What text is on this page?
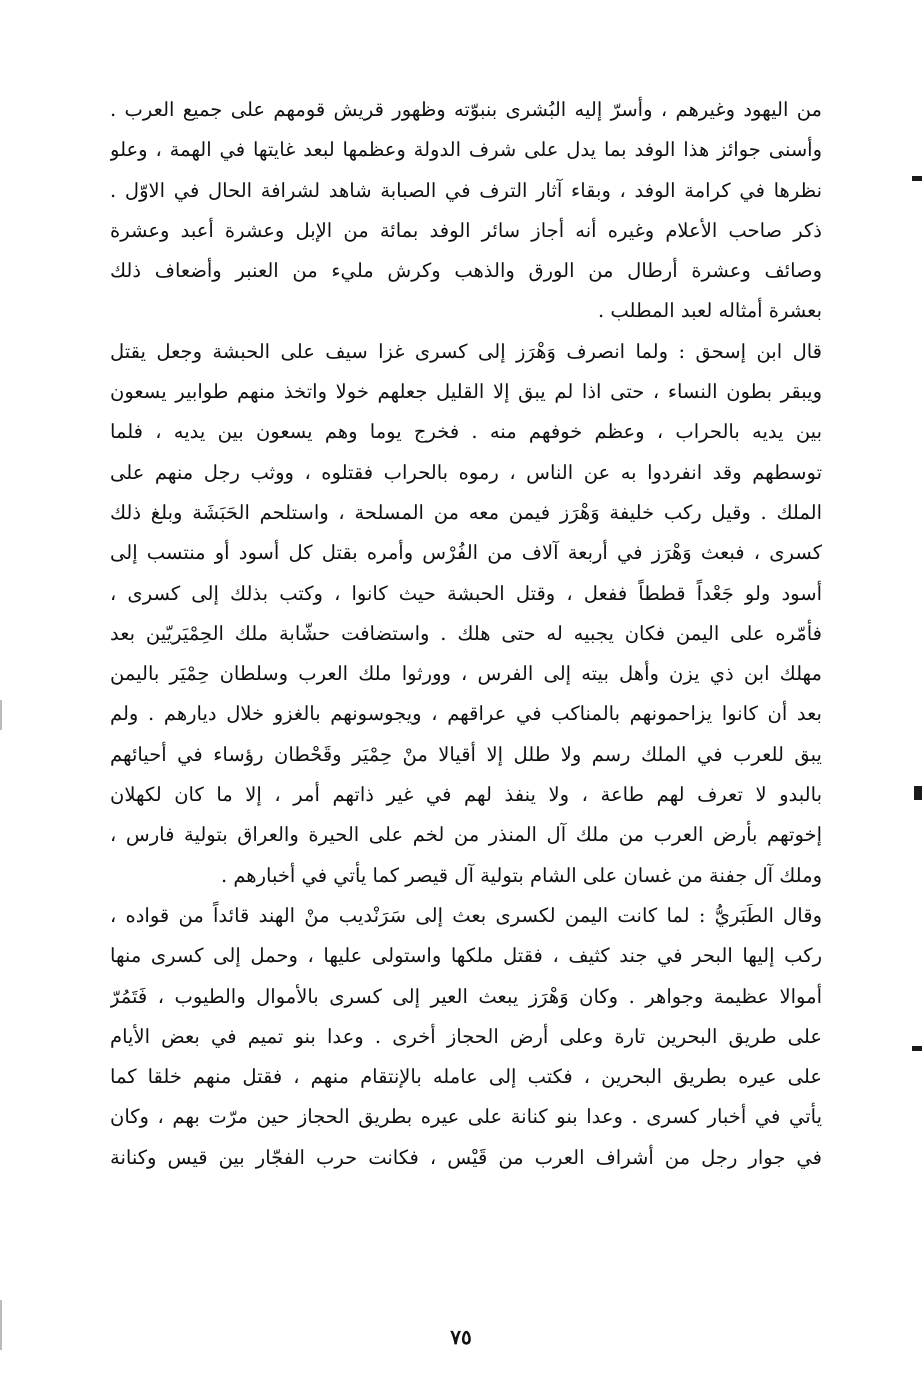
من اليهود وغيرهم ، وأسرّ إليه البُشرى بنبوّته وظهور قريش قومهم على جميع العرب .
وأسنى جوائز هذا الوفد بما يدل على شرف الدولة وعظمها لبعد غايتها في الهمة ، وعلو
نظرها في كرامة الوفد ، وبقاء آثار الترف في الصبابة شاهد لشرافة الحال في الاوّل .
ذكر صاحب الأعلام وغيره أنه أجاز سائر الوفد بمائة من الإبل وعشرة أعبد وعشرة
وصائف وعشرة أرطال من الورق والذهب وكرش مليء من العنبر وأضعاف ذلك
بعشرة أمثاله لعبد المطلب .
قال ابن إسحق : ولما انصرف وَهْرَز إلى كسرى غزا سيف على الحبشة وجعل يقتل
ويبقر بطون النساء ، حتى اذا لم يبق إلا القليل جعلهم خولا واتخذ منهم طوابير يسعون
بين يديه بالحراب ، وعظم خوفهم منه . فخرج يوما وهم يسعون بين يديه ، فلما
توسطهم وقد انفردوا به عن الناس ، رموه بالحراب فقتلوه ، ووثب رجل منهم على
الملك . وقيل ركب خليفة وَهْرَز فيمن معه من المسلحة ، واستلحم الحَبَشَة وبلغ ذلك
كسرى ، فبعث وَهْرَز في أربعة آلاف من الفُرْس وأمره بقتل كل أسود أو منتسب إلى
أسود ولو جَعْداً قططاً ففعل ، وقتل الحبشة حيث كانوا ، وكتب بذلك إلى كسرى ،
فأمّره على اليمن فكان يجبيه له حتى هلك . واستضافت حشّابة ملك الحِمْيَريّين بعد
مهلك ابن ذي يزن وأهل بيته إلى الفرس ، وورثوا ملك العرب وسلطان حِمْيَر باليمن
بعد أن كانوا يزاحمونهم بالمناكب في عراقهم ، ويجوسونهم بالغزو خلال ديارهم . ولم
يبق للعرب في الملك رسم ولا طلل إلا أقيالا منْ حِمْيَر وقَحْطان رؤساء في أحيائهم
بالبدو لا تعرف لهم طاعة ، ولا ينفذ لهم في غير ذاتهم أمر ، إلا ما كان لكهلان
إخوتهم بأرض العرب من ملك آل المنذر من لخم على الحيرة والعراق بتولية فارس ،
وملك آل جفنة من غسان على الشام بتولية آل قيصر كما يأتي في أخبارهم .
وقال الطَبَريُّ : لما كانت اليمن لكسرى بعث إلى سَرَنْديب منْ الهند قائداً من قواده ،
ركب إليها البحر في جند كثيف ، فقتل ملكها واستولى عليها ، وحمل إلى كسرى منها
أموالا عظيمة وجواهر . وكان وَهْرَز يبعث العير إلى كسرى بالأموال والطيوب ، فَتَمُرّ
على طريق البحرين تارة وعلى أرض الحجاز أخرى . وعدا بنو تميم في بعض الأيام
على عيره بطريق البحرين ، فكتب إلى عامله بالإنتقام منهم ، فقتل منهم خلقا كما
يأتي في أخبار كسرى . وعدا بنو كنانة على عيره بطريق الحجاز حين مرّت بهم ، وكان
في جوار رجل من أشراف العرب من قَيْس ، فكانت حرب الفجّار بين قيس وكنانة
٧٥
